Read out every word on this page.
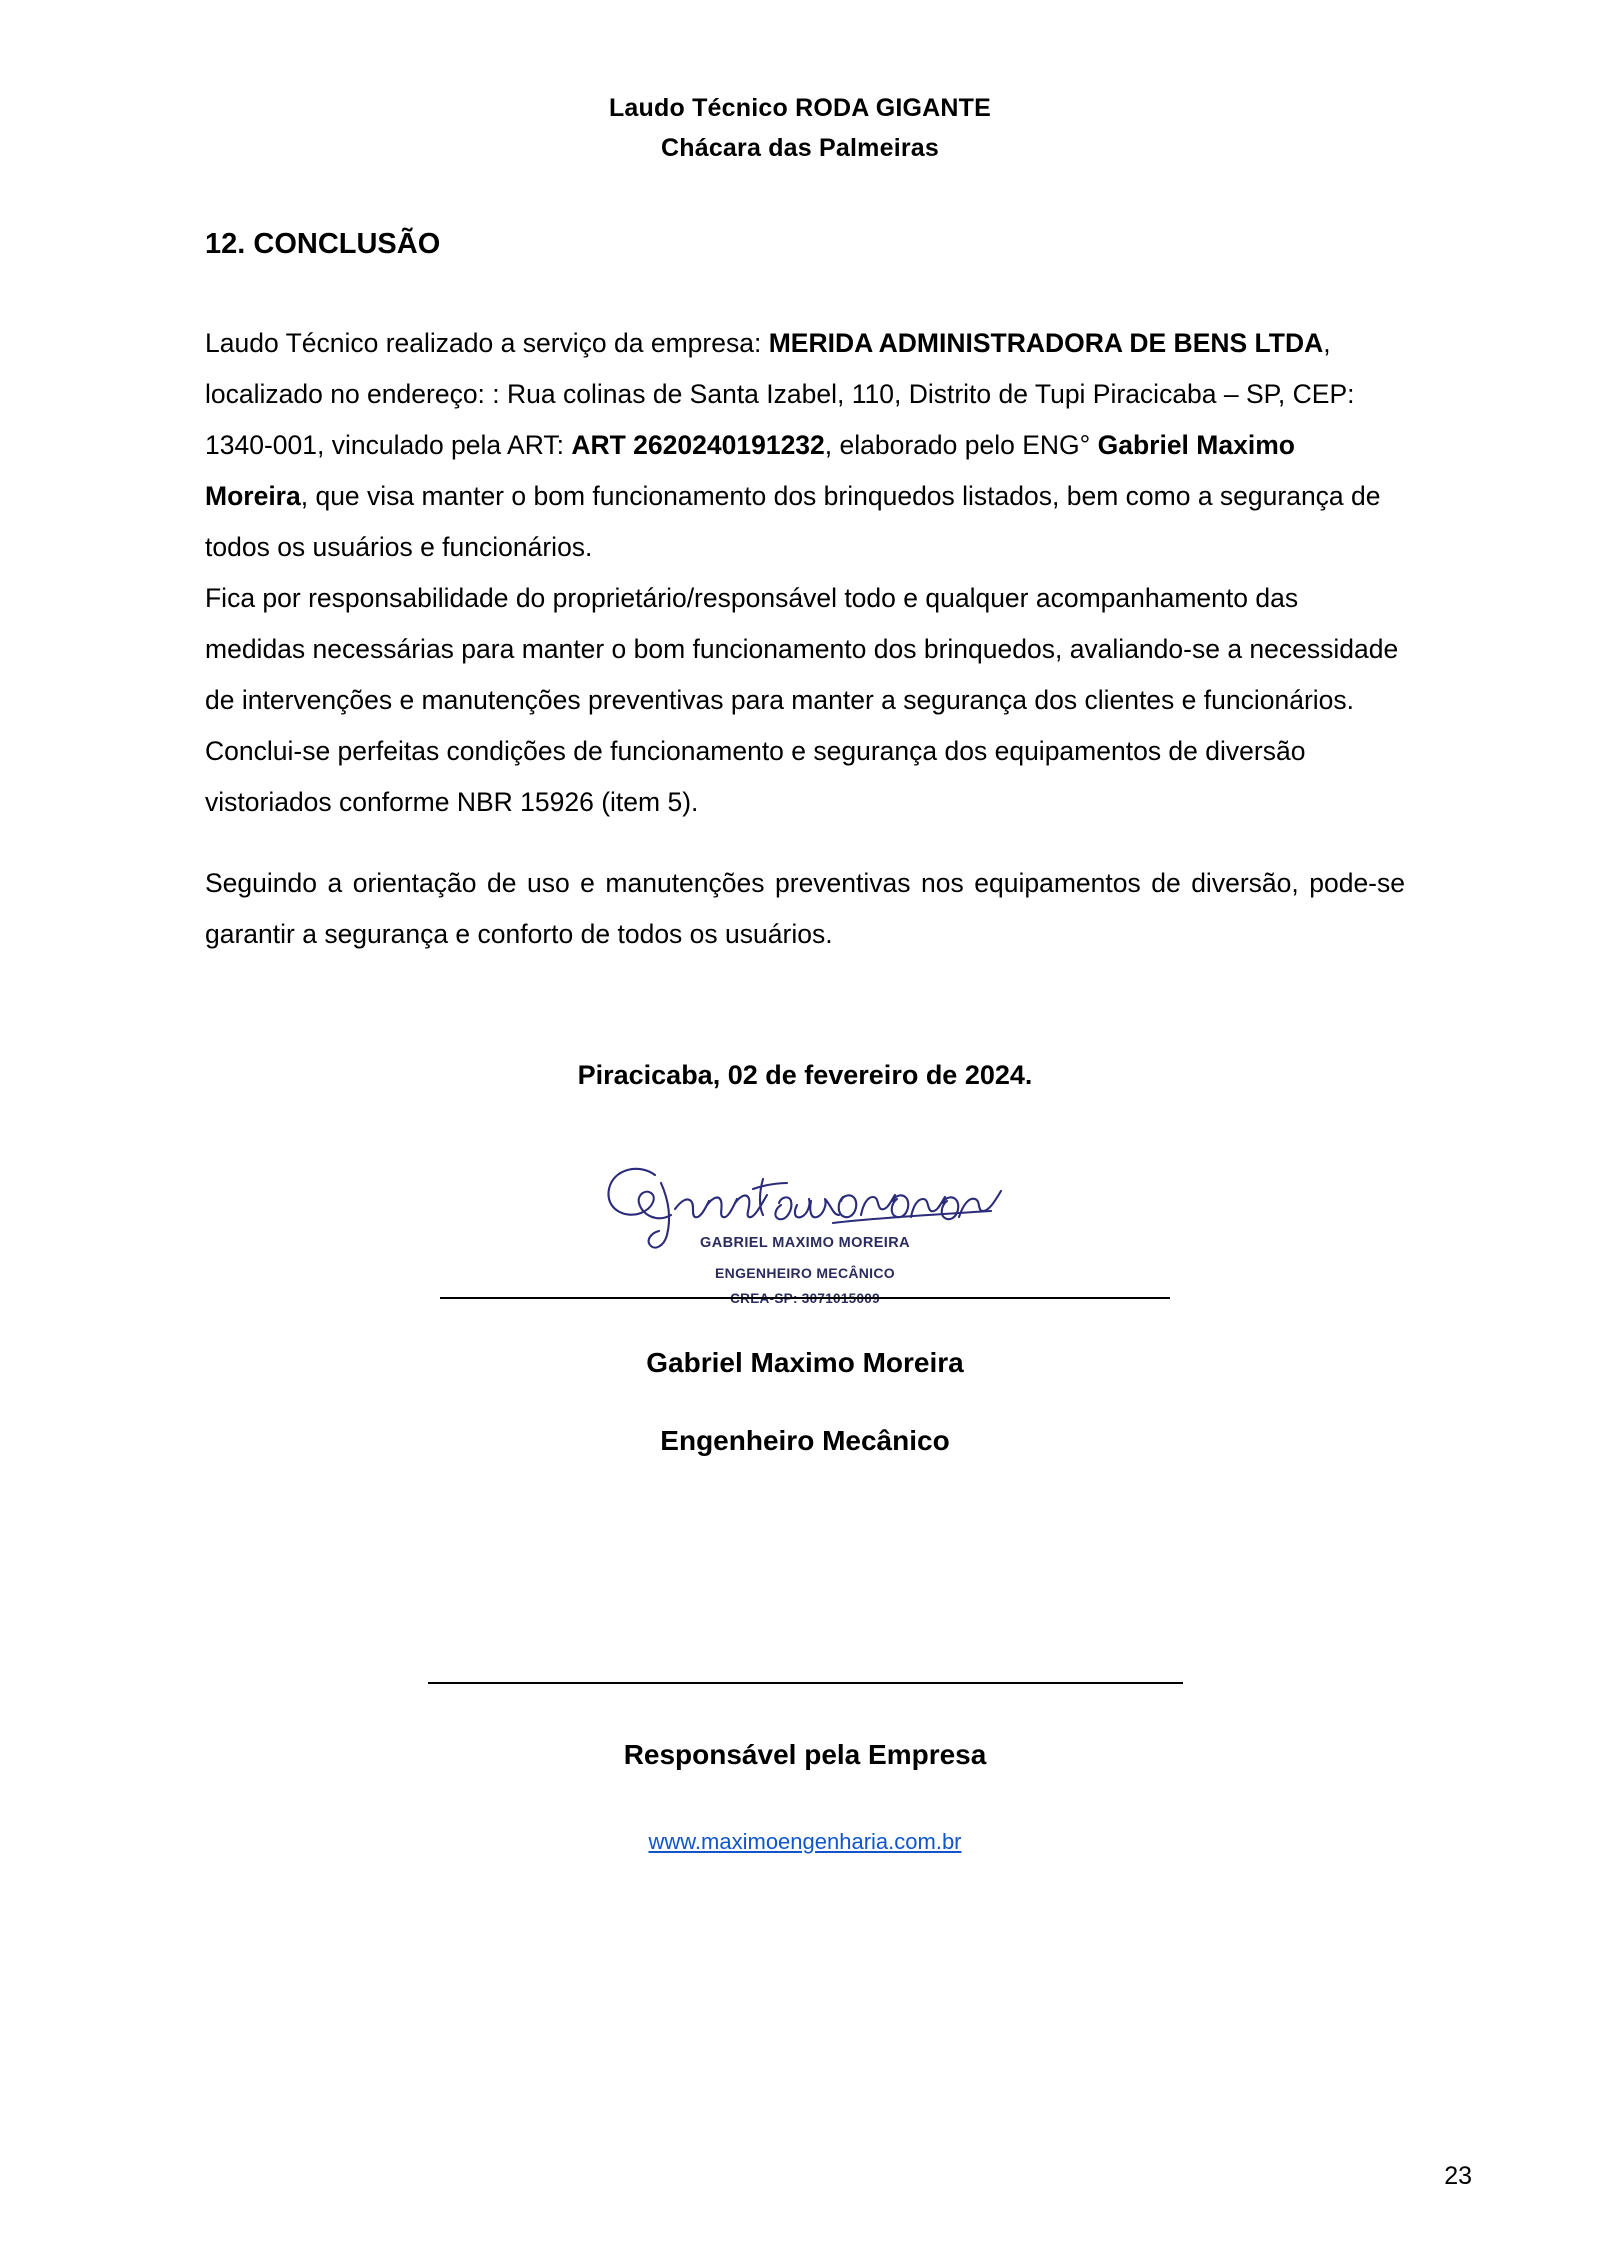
Laudo Técnico RODA GIGANTE
Chácara das Palmeiras
12. CONCLUSÃO

Laudo Técnico realizado a serviço da empresa: MERIDA ADMINISTRADORA DE BENS LTDA, localizado no endereço: : Rua colinas de Santa Izabel, 110, Distrito de Tupi Piracicaba – SP, CEP: 1340-001, vinculado pela ART: ART 2620240191232, elaborado pelo ENG° Gabriel Maximo Moreira, que visa manter o bom funcionamento dos brinquedos listados, bem como a segurança de todos os usuários e funcionários.

Fica por responsabilidade do proprietário/responsável todo e qualquer acompanhamento das medidas necessárias para manter o bom funcionamento dos brinquedos, avaliando-se a necessidade de intervenções e manutenções preventivas para manter a segurança dos clientes e funcionários.

Conclui-se perfeitas condições de funcionamento e segurança dos equipamentos de diversão vistoriados conforme NBR 15926 (item 5).

Seguindo a orientação de uso e manutenções preventivas nos equipamentos de diversão, pode-se garantir a segurança e conforto de todos os usuários.

Piracicaba, 02 de fevereiro de 2024.
GABRIEL MAXIMO MOREIRA
ENGENHEIRO MECÂNICO
CREA-SP: 3071015009
Gabriel Maximo Moreira
Engenheiro Mecânico
Responsável pela Empresa
www.maximoengenharia.com.br
23
